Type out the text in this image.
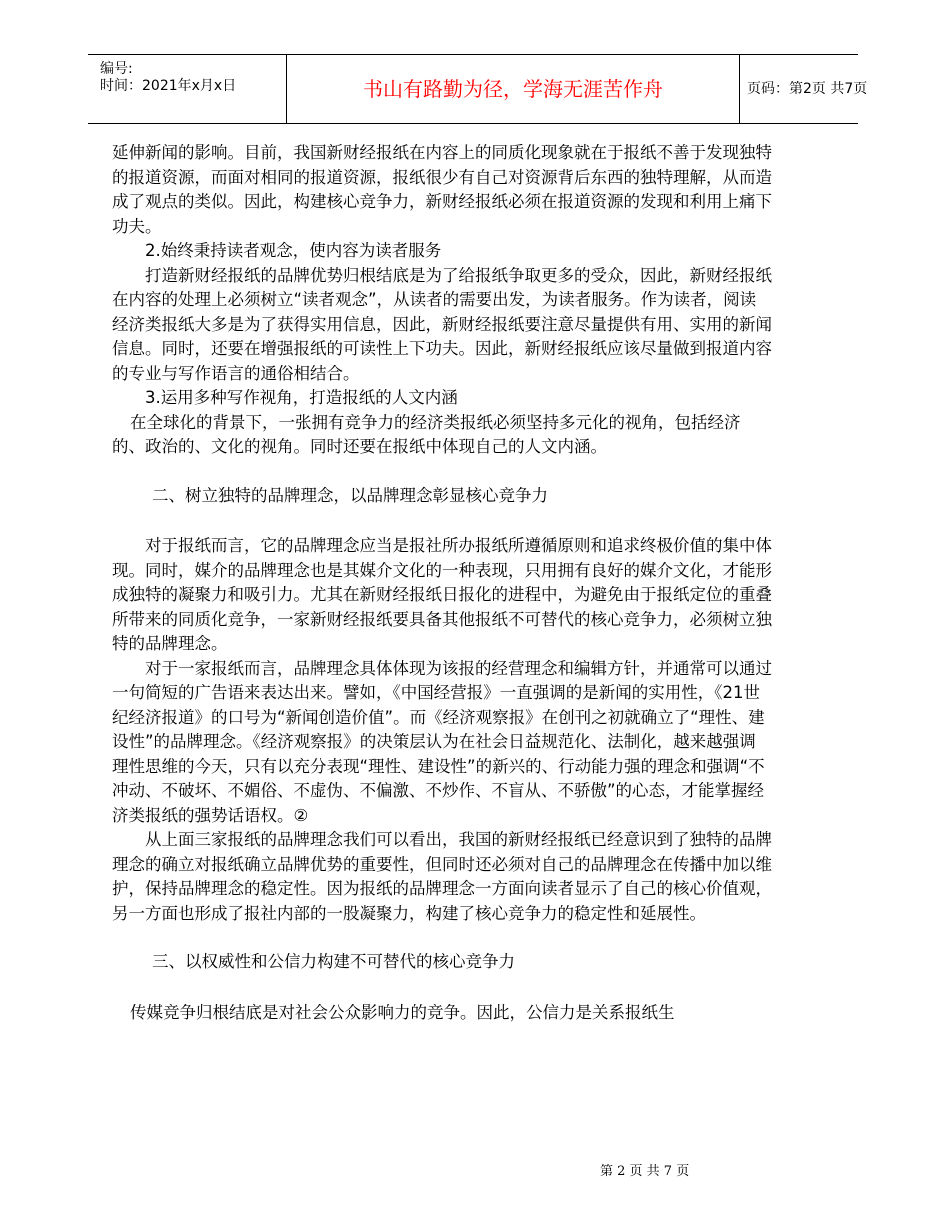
编号:
时间：2021年x月x日	书山有路勤为径，学海无涯苦作舟	页码：第2页 共7页

延伸新闻的影响。目前，我国新财经报纸在内容上的同质化现象就在于报纸不善于发现独特的报道资源，而面对相同的报道资源，报纸很少有自己对资源背后东西的独特理解，从而造成了观点的类似。因此，构建核心竞争力，新财经报纸必须在报道资源的发现和利用上痛下功夫。

2.始终秉持读者观念，使内容为读者服务

打造新财经报纸的品牌优势归根结底是为了给报纸争取更多的受众，因此，新财经报纸在内容的处理上必须树立“读者观念”，从读者的需要出发，为读者服务。作为读者，阅读经济类报纸大多是为了获得实用信息，因此，新财经报纸要注意尽量提供有用、实用的新闻信息。同时，还要在增强报纸的可读性上下功夫。因此，新财经报纸应该尽量做到报道内容的专业与写作语言的通俗相结合。

3.运用多种写作视角，打造报纸的人文内涵

在全球化的背景下，一张拥有竞争力的经济类报纸必须坚持多元化的视角，包括经济的、政治的、文化的视角。同时还要在报纸中体现自己的人文内涵。

二、树立独特的品牌理念，以品牌理念彰显核心竞争力

对于报纸而言，它的品牌理念应当是报社所办报纸所遵循原则和追求终极价值的集中体现。同时，媒介的品牌理念也是其媒介文化的一种表现，只用拥有良好的媒介文化，才能形成独特的凝聚力和吸引力。尤其在新财经报纸日报化的进程中，为避免由于报纸定位的重叠所带来的同质化竞争，一家新财经报纸要具备其他报纸不可替代的核心竞争力，必须树立独特的品牌理念。

对于一家报纸而言，品牌理念具体体现为该报的经营理念和编辑方针，并通常可以通过一句简短的广告语来表达出来。譬如，《中国经营报》一直强调的是新闻的实用性，《21世纪经济报道》的口号为“新闻创造价值”。而《经济观察报》在创刊之初就确立了“理性、建设性”的品牌理念。《经济观察报》的决策层认为在社会日益规范化、法制化，越来越强调理性思维的今天，只有以充分表现“理性、建设性”的新兴的、行动能力强的理念和强调“不冲动、不破坏、不媚俗、不虚伪、不偏激、不炒作、不盲从、不骄傲”的心态，才能掌握经济类报纸的强势话语权。②

从上面三家报纸的品牌理念我们可以看出，我国的新财经报纸已经意识到了独特的品牌理念的确立对报纸确立品牌优势的重要性，但同时还必须对自己的品牌理念在传播中加以维护，保持品牌理念的稳定性。因为报纸的品牌理念一方面向读者显示了自己的核心价值观，另一方面也形成了报社内部的一股凝聚力，构建了核心竞争力的稳定性和延展性。

三、以权威性和公信力构建不可替代的核心竞争力

传媒竞争归根结底是对社会公众影响力的竞争。因此，公信力是关系报纸生

第 2 页 共 7 页
